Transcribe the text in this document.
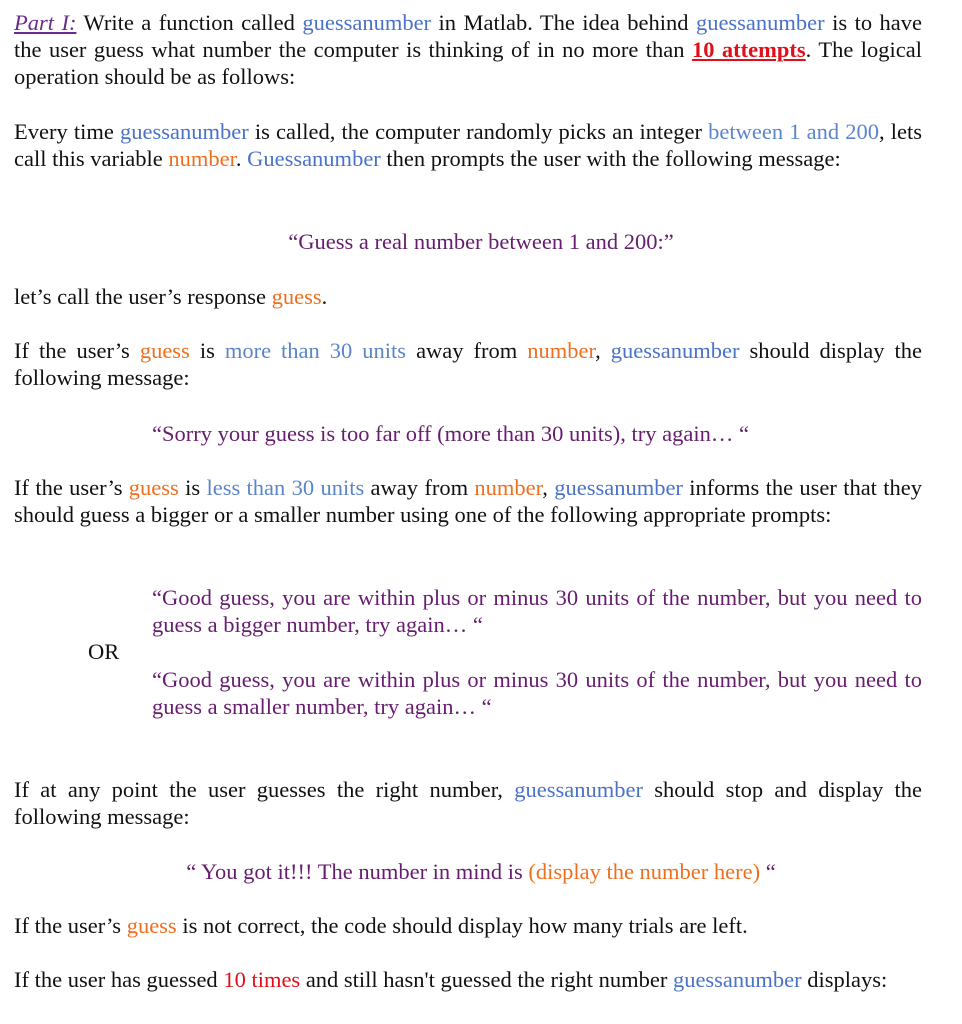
Part I: Write a function called guessanumber in Matlab. The idea behind guessanumber is to have the user guess what number the computer is thinking of in no more than 10 attempts. The logical operation should be as follows:

Every time guessanumber is called, the computer randomly picks an integer between 1 and 200, lets call this variable number. Guessanumber then prompts the user with the following message:

“Guess a real number between 1 and 200:”

let’s call the user’s response guess.

If the user’s guess is more than 30 units away from number, guessanumber should display the following message:

“Sorry your guess is too far off (more than 30 units), try again… “

If the user’s guess is less than 30 units away from number, guessanumber informs the user that they should guess a bigger or a smaller number using one of the following appropriate prompts:

“Good guess, you are within plus or minus 30 units of the number, but you need to guess a bigger number, try again… “

OR

“Good guess, you are within plus or minus 30 units of the number, but you need to guess a smaller number, try again… “

If at any point the user guesses the right number, guessanumber should stop and display the following message:

“ You got it!!! The number in mind is (display the number here) “

If the user’s guess is not correct, the code should display how many trials are left.

If the user has guessed 10 times and still hasn't guessed the right number guessanumber displays:
